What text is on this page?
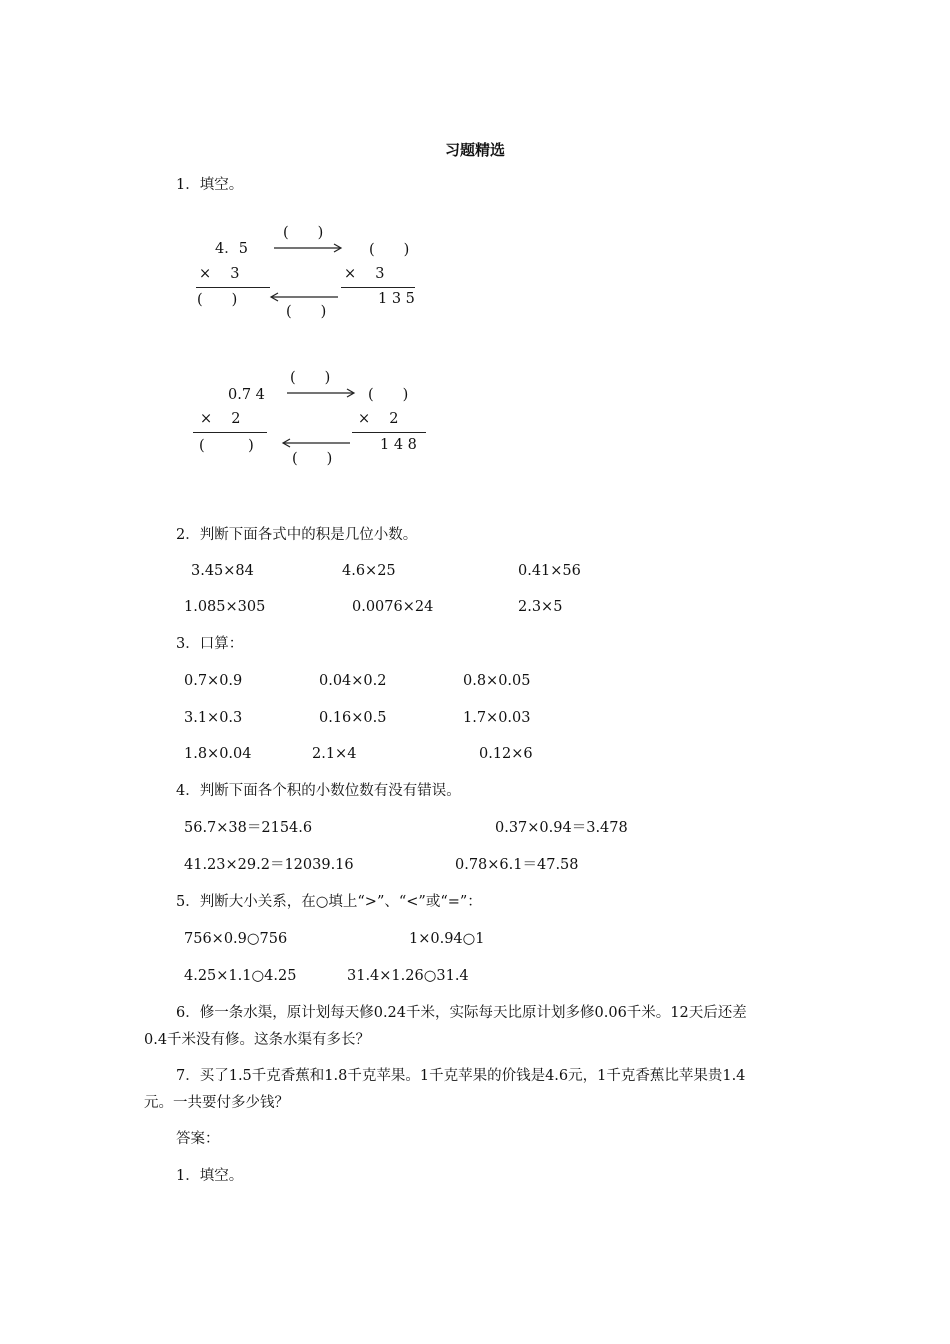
习题精选
1．填空。
4．5
×　 3
(　　)
(　　)
(　　)
×　 3
1 3 5
(　　)
0.7 4
×　 2
(　　　)
(　　)
(　　)
×　 2
1 4 8
(　　)
2．判断下面各式中的积是几位小数。
3.45×84	4.6×25	0.41×56
1.085×305	0.0076×24	2.3×5
3．口算：
0.7×0.9	0.04×0.2	0.8×0.05
3.1×0.3	0.16×0.5	1.7×0.03
1.8×0.04	2.1×4	0.12×6
4．判断下面各个积的小数位数有没有错误。
56.7×38＝2154.6	0.37×0.94＝3.478
41.23×29.2＝12039.16	0.78×6.1＝47.58
5．判断大小关系，在○填上“>”、“<”或“=”：
756×0.9○756	1×0.94○1
4.25×1.1○4.25	31.4×1.26○31.4
6．修一条水渠，原计划每天修0.24千米，实际每天比原计划多修0.06千米。12天后还差
0.4千米没有修。这条水渠有多长？
7．买了1.5千克香蕉和1.8千克苹果。1千克苹果的价钱是4.6元，1千克香蕉比苹果贵1.4
元。一共要付多少钱？
答案：
1．填空。
